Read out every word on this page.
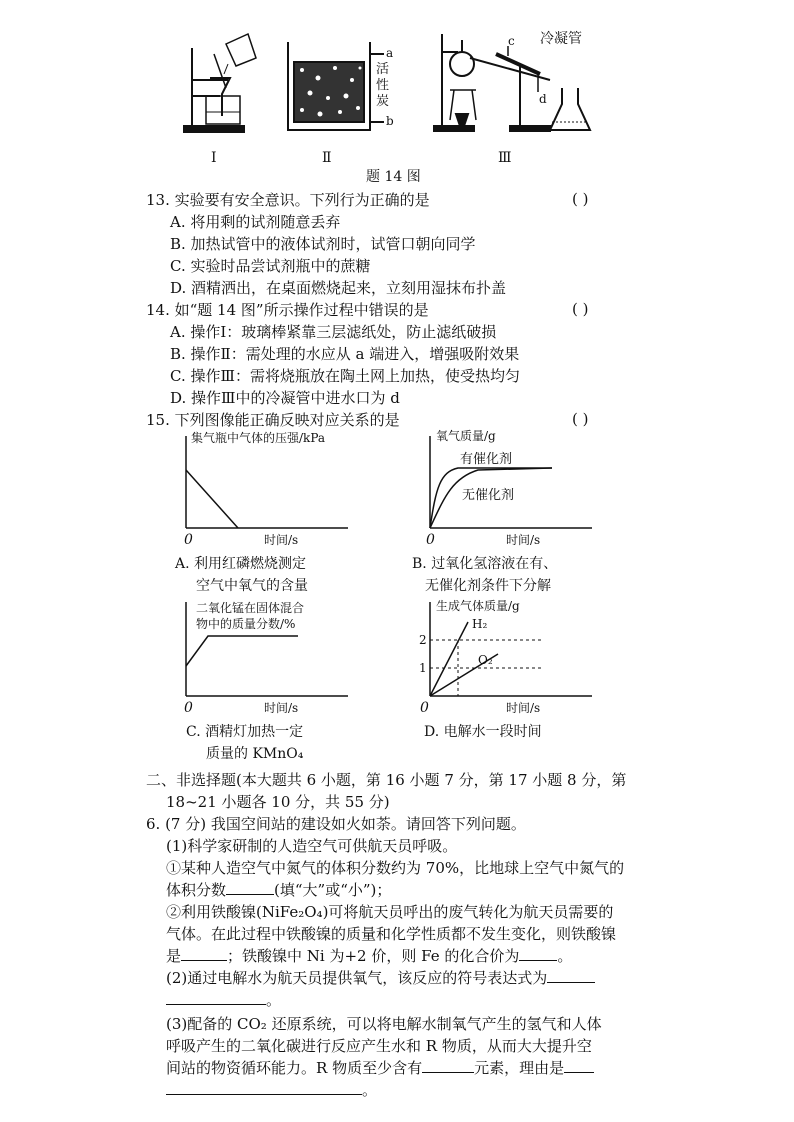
Ⅰ	Ⅱ	Ⅲ
a
b
活性炭
c
d
冷凝管
题 14 图
13. 实验要有安全意识。下列行为正确的是	( )
A. 将用剩的试剂随意丢弃
B. 加热试管中的液体试剂时，试管口朝向同学
C. 实验时品尝试剂瓶中的蔗糖
D. 酒精洒出，在桌面燃烧起来，立刻用湿抹布扑盖
14. 如“题 14 图”所示操作过程中错误的是	( )
A. 操作Ⅰ：玻璃棒紧靠三层滤纸处，防止滤纸破损
B. 操作Ⅱ：需处理的水应从 a 端进入，增强吸附效果
C. 操作Ⅲ：需将烧瓶放在陶土网上加热，使受热均匀
D. 操作Ⅲ中的冷凝管中进水口为 d
15. 下列图像能正确反映对应关系的是	( )
集气瓶中气体的压强/kPa
0	时间/s
A. 利用红磷燃烧测定
空气中氧气的含量
氧气质量/g
有催化剂
无催化剂
0	时间/s
B. 过氧化氢溶液在有、
无催化剂条件下分解
二氧化锰在固体混合
物中的质量分数/%
0	时间/s
C. 酒精灯加热一定
质量的 KMnO₄
生成气体质量/g
2
1
H₂
O₂
0	时间/s
D. 电解水一段时间
二、非选择题(本大题共 6 小题，第 16 小题 7 分，第 17 小题 8 分，第
18~21 小题各 10 分，共 55 分)
6. (7 分) 我国空间站的建设如火如荼。请回答下列问题。
(1)科学家研制的人造空气可供航天员呼吸。
①某种人造空气中氮气的体积分数约为 70%，比地球上空气中氮气的
体积分数	(填“大”或“小”)；
②利用铁酸镍(NiFe₂O₄)可将航天员呼出的废气转化为航天员需要的
气体。在此过程中铁酸镍的质量和化学性质都不发生变化，则铁酸镍
是	；铁酸镍中 Ni 为+2 价，则 Fe 的化合价为	。
(2)通过电解水为航天员提供氧气，该反应的符号表达式为
。
(3)配备的 CO₂ 还原系统，可以将电解水制氧气产生的氢气和人体
呼吸产生的二氧化碳进行反应产生水和 R 物质，从而大大提升空
间站的物资循环能力。R 物质至少含有	元素，理由是
。
